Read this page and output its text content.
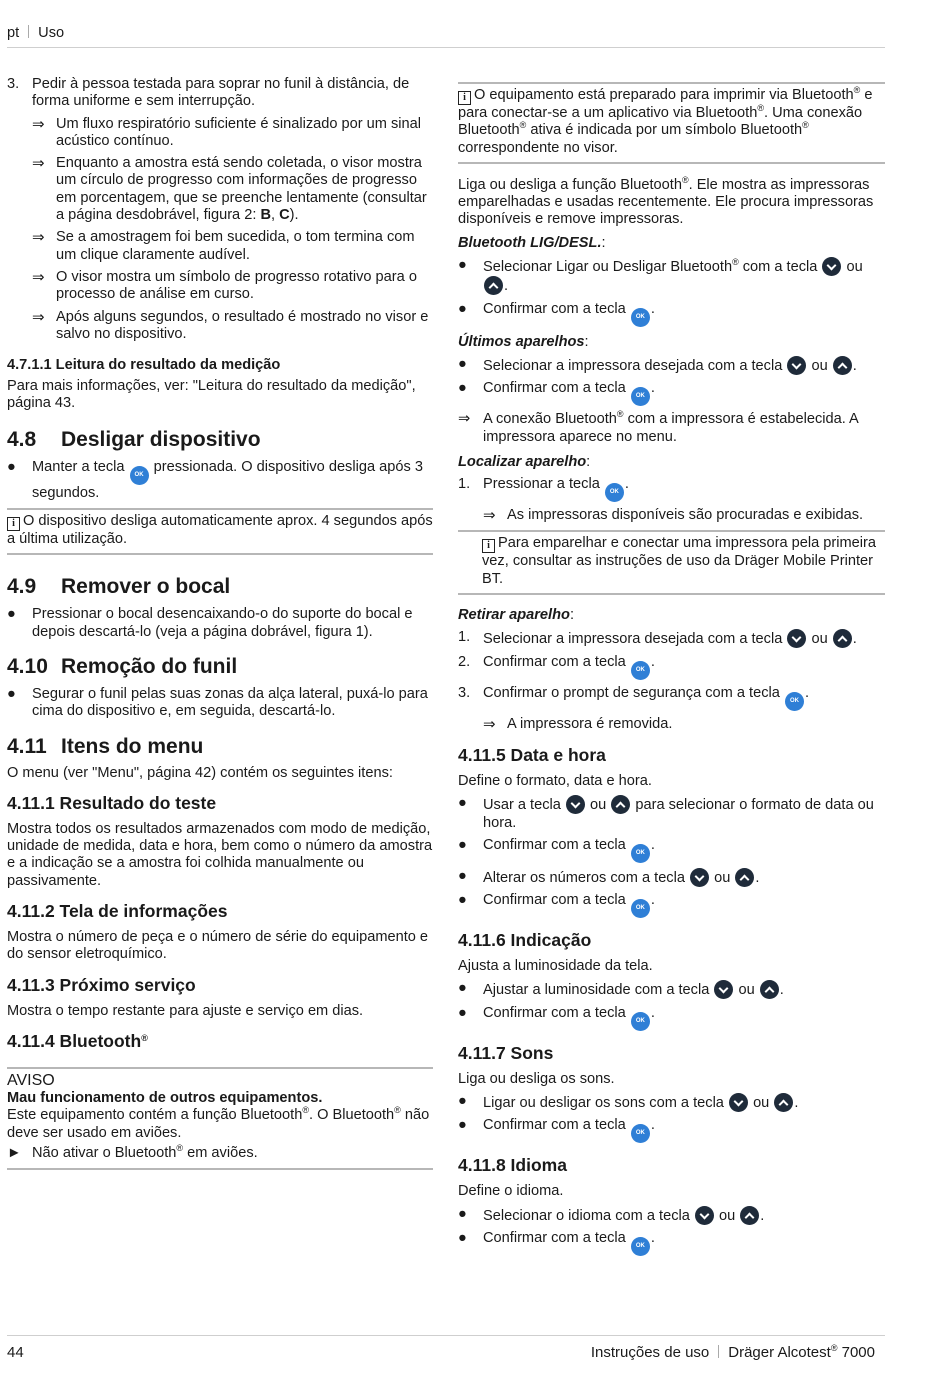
pt Uso
3. Pedir à pessoa testada para soprar no funil à distância, de forma uniforme e sem interrupção.
⇒ Um fluxo respiratório suficiente é sinalizado por um sinal acústico contínuo.
⇒ Enquanto a amostra está sendo coletada, o visor mostra um círculo de progresso com informações de progresso em porcentagem, que se preenche lentamente (consultar a página desdobrável, figura 2: B, C).
⇒ Se a amostragem foi bem sucedida, o tom termina com um clique claramente audível.
⇒ O visor mostra um símbolo de progresso rotativo para o processo de análise em curso.
⇒ Após alguns segundos, o resultado é mostrado no visor e salvo no dispositivo.
4.7.1.1 Leitura do resultado da medição

Para mais informações, ver: "Leitura do resultado da medição", página 43.

4.8 Desligar dispositivo
● Manter a tecla OK pressionada. O dispositivo desliga após 3 segundos.

i O dispositivo desliga automaticamente aprox. 4 segundos após a última utilização.

4.9 Remover o bocal
● Pressionar o bocal desencaixando-o do suporte do bocal e depois descartá-lo (veja a página dobrável, figura 1).
4.10 Remoção do funil
● Segurar o funil pelas suas zonas da alça lateral, puxá-lo para cima do dispositivo e, em seguida, descartá-lo.
4.11 Itens do menu

O menu (ver "Menu", página 42) contém os seguintes itens:

4.11.1 Resultado do teste

Mostra todos os resultados armazenados com modo de medição, unidade de medida, data e hora, bem como o número da amostra e a indicação se a amostra foi colhida manualmente ou passivamente.

4.11.2 Tela de informações

Mostra o número de peça e o número de série do equipamento e do sensor eletroquímico.

4.11.3 Próximo serviço

Mostra o tempo restante para ajuste e serviço em dias.

4.11.4 Bluetooth®
AVISO

Mau funcionamento de outros equipamentos.

Este equipamento contém a função Bluetooth®. O Bluetooth® não deve ser usado em aviões.

► Não ativar o Bluetooth® em aviões.

i O equipamento está preparado para imprimir via Bluetooth® e para conectar-se a um aplicativo via Bluetooth®. Uma conexão Bluetooth® ativa é indicada por um símbolo Bluetooth® correspondente no visor.

Liga ou desliga a função Bluetooth®. Ele mostra as impressoras emparelhadas e usadas recentemente. Ele procura impressoras disponíveis e remove impressoras.

Bluetooth LIG/DESL.:

● Selecionar Ligar ou Desligar Bluetooth® com a tecla ou .
● Confirmar com a tecla OK .

Últimos aparelhos:

● Selecionar a impressora desejada com a tecla ou .
● Confirmar com a tecla OK .
⇒ A conexão Bluetooth® com a impressora é estabelecida. A impressora aparece no menu.

Localizar aparelho:

1. Pressionar a tecla OK .
⇒ As impressoras disponíveis são procuradas e exibidas.

i Para emparelhar e conectar uma impressora pela primeira vez, consultar as instruções de uso da Dräger Mobile Printer BT.

Retirar aparelho:

1. Selecionar a impressora desejada com a tecla ou .
2. Confirmar com a tecla OK .
3. Confirmar o prompt de segurança com a tecla OK .
⇒ A impressora é removida.
4.11.5 Data e hora

Define o formato, data e hora.

● Usar a tecla ou para selecionar o formato de data ou hora.
● Confirmar com a tecla OK .
● Alterar os números com a tecla ou .
● Confirmar com a tecla OK .
4.11.6 Indicação

Ajusta a luminosidade da tela.

● Ajustar a luminosidade com a tecla ou .
● Confirmar com a tecla OK .
4.11.7 Sons

Liga ou desliga os sons.

● Ligar ou desligar os sons com a tecla ou .
● Confirmar com a tecla OK .
4.11.8 Idioma

Define o idioma.

● Selecionar o idioma com a tecla ou .
● Confirmar com a tecla OK .
44	Instruções de uso Dräger Alcotest® 7000
